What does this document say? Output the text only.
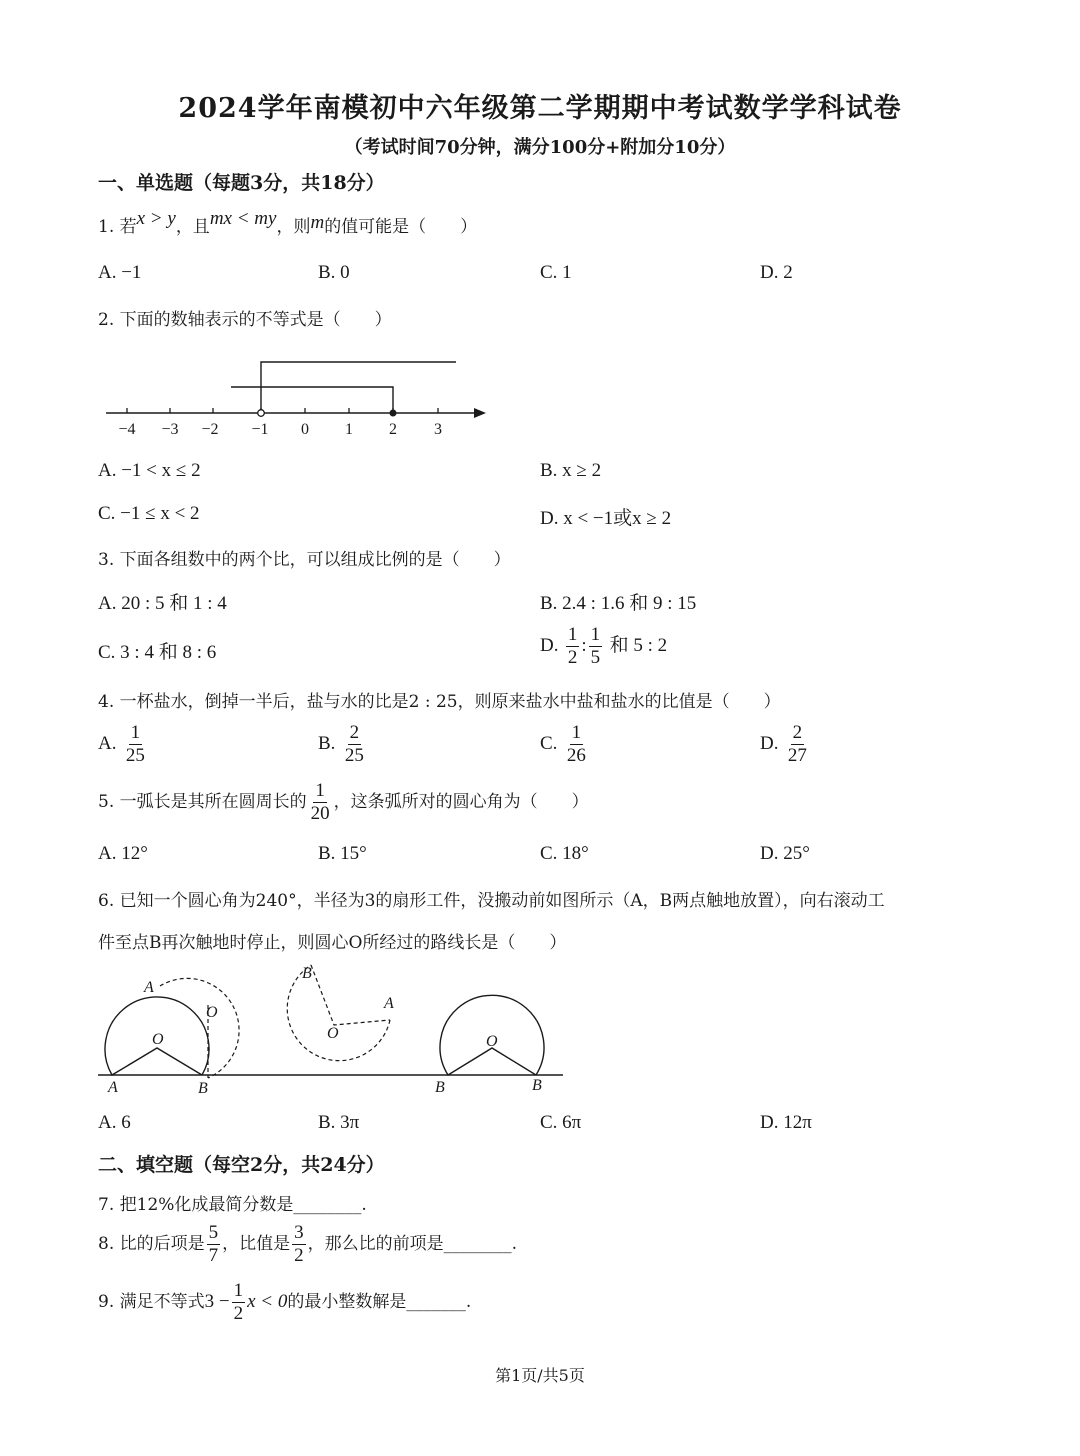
2024学年南模初中六年级第二学期期中考试数学学科试卷
（考试时间70分钟，满分100分+附加分10分）
一、单选题（每题3分，共18分）
1. 若x > y，且mx < my，则m的值可能是（　　）
A. −1	B. 0	C. 1	D. 2
2. 下面的数轴表示的不等式是（　　）
−4 −3 −2 −1 0 1 2 3
A. −1 < x ≤ 2	B. x ≥ 2
C. −1 ≤ x < 2	D. x < −1或x ≥ 2
3. 下面各组数中的两个比，可以组成比例的是（　　）
A. 20 : 5 和 1 : 4	B. 2.4 : 1.6 和 9 : 15
C. 3 : 4 和 8 : 6	D. $\frac{1}{2}$ : $\frac{1}{5}$ 和 5 : 2
4. 一杯盐水，倒掉一半后，盐与水的比是2 : 25，则原来盐水中盐和盐水的比值是（　　）
A. $\frac{1}{25}$	B. $\frac{2}{25}$	C. $\frac{1}{26}$	D. $\frac{2}{27}$
5. 一弧长是其所在圆周长的 $\frac{1}{20}$ ，这条弧所对的圆心角为（　　）
A. 12°	B. 15°	C. 18°	D. 25°
6. 已知一个圆心角为240°，半径为3的扇形工件，没搬动前如图所示（A，B两点触地放置），向右滚动工
件至点B再次触地时停止，则圆心O所经过的路线长是（　　）
A
O
O
B
B
A
O	O
A	B	B
A. 6	B. 3π	C. 6π	D. 12π
二、填空题（每空2分，共24分）
7. 把12%化成最简分数是________.
8. 比的后项是 $\frac{5}{7}$ ，比值是 $\frac{3}{2}$ ，那么比的前项是________.
9. 满足不等式$3 - \frac{1}{2}$ x < 0的最小整数解是_______.
第1页/共5页
